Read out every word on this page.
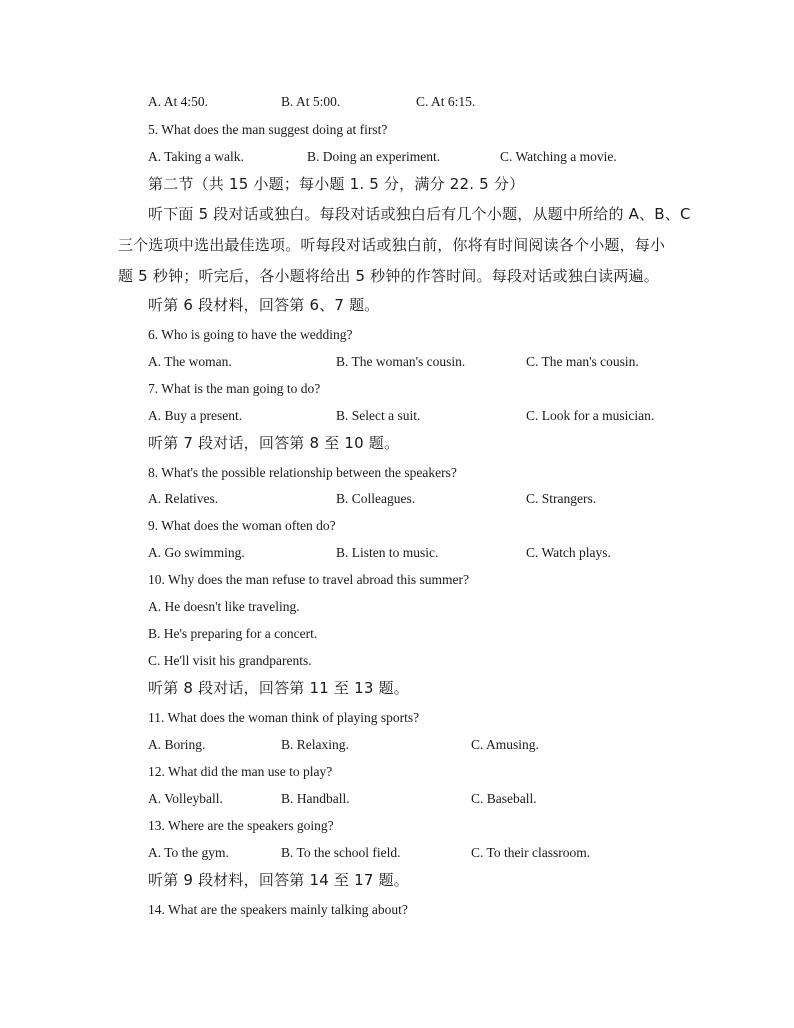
A. At 4:50.	B. At 5:00.	C. At 6:15.
5. What does the man suggest doing at first?
A. Taking a walk.	B. Doing an experiment.	C. Watching a movie.
第二节（共 15 小题；每小题 1. 5 分，满分 22. 5 分）
听下面 5 段对话或独白。每段对话或独白后有几个小题，从题中所给的 A、B、C
三个选项中选出最佳选项。听每段对话或独白前，你将有时间阅读各个小题，每小
题 5 秒钟；听完后，各小题将给出 5 秒钟的作答时间。每段对话或独白读两遍。
听第 6 段材料，回答第 6、7 题。
6. Who is going to have the wedding?
A. The woman.	B. The woman's cousin.	C. The man's cousin.
7. What is the man going to do?
A. Buy a present.	B. Select a suit.	C. Look for a musician.
听第 7 段对话，回答第 8 至 10 题。
8. What's the possible relationship between the speakers?
A. Relatives.	B. Colleagues.	C. Strangers.
9. What does the woman often do?
A. Go swimming.	B. Listen to music.	C. Watch plays.
10. Why does the man refuse to travel abroad this summer?
A. He doesn't like traveling.
B. He's preparing for a concert.
C. He'll visit his grandparents.
听第 8 段对话，回答第 11 至 13 题。
11. What does the woman think of playing sports?
A. Boring.	B. Relaxing.	C. Amusing.
12. What did the man use to play?
A. Volleyball.	B. Handball.	C. Baseball.
13. Where are the speakers going?
A. To the gym.	B. To the school field.	C. To their classroom.
听第 9 段材料，回答第 14 至 17 题。
14. What are the speakers mainly talking about?
